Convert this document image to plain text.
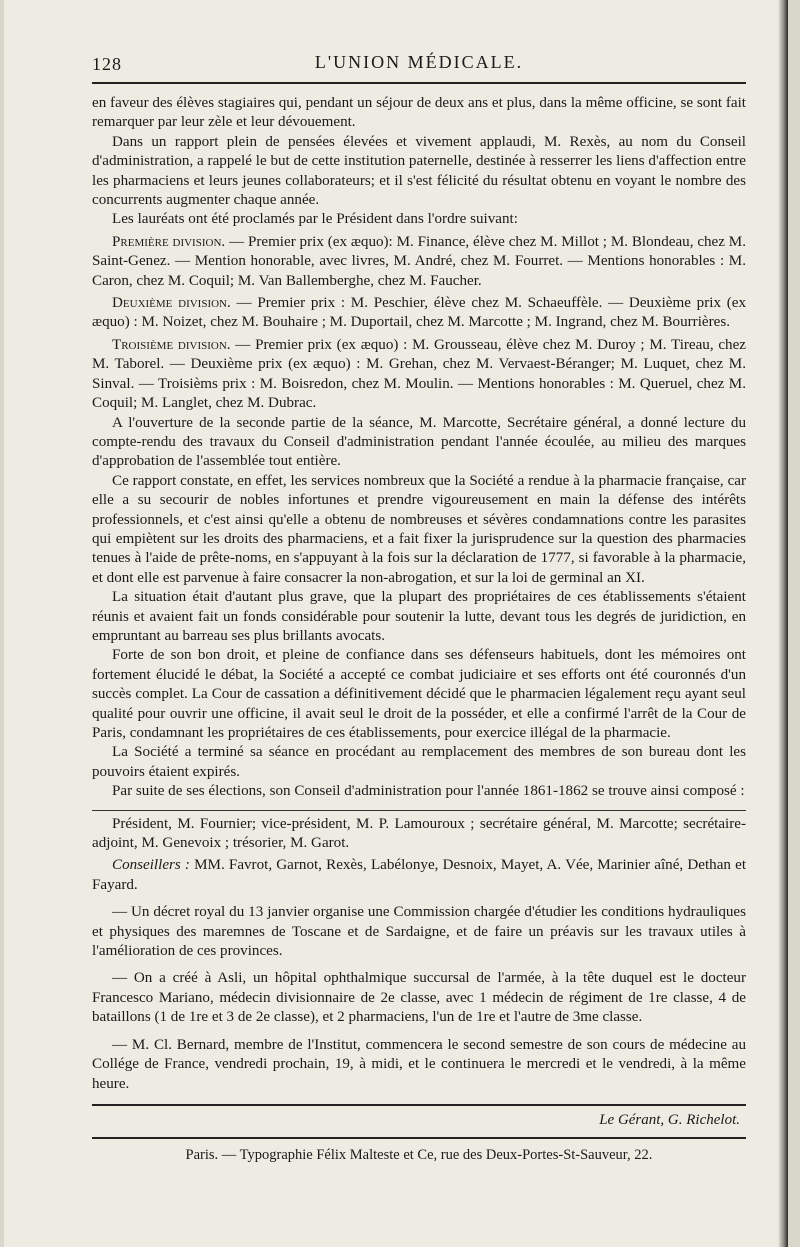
128	L'UNION MÉDICALE.

en faveur des élèves stagiaires qui, pendant un séjour de deux ans et plus, dans la même officine, se sont fait remarquer par leur zèle et leur dévouement.

Dans un rapport plein de pensées élevées et vivement applaudi, M. Rexès, au nom du Conseil d'administration, a rappelé le but de cette institution paternelle, destinée à resserrer les liens d'affection entre les pharmaciens et leurs jeunes collaborateurs; et il s'est félicité du résultat obtenu en voyant le nombre des concurrents augmenter chaque année.

Les lauréats ont été proclamés par le Président dans l'ordre suivant:

Première division. — Premier prix (ex æquo): M. Finance, élève chez M. Millot ; M. Blondeau, chez M. Saint-Genez. — Mention honorable, avec livres, M. André, chez M. Fourret. — Mentions honorables : M. Caron, chez M. Coquil; M. Van Ballemberghe, chez M. Faucher.

Deuxième division. — Premier prix : M. Peschier, élève chez M. Schaeuffèle. — Deuxième prix (ex æquo) : M. Noizet, chez M. Bouhaire ; M. Duportail, chez M. Marcotte ; M. Ingrand, chez M. Bourrières.

Troisième division. — Premier prix (ex æquo) : M. Grousseau, élève chez M. Duroy ; M. Tireau, chez M. Taborel. — Deuxième prix (ex æquo) : M. Grehan, chez M. Vervaest-Béranger; M. Luquet, chez M. Sinval. — Troisièms prix : M. Boisredon, chez M. Moulin. — Mentions honorables : M. Queruel, chez M. Coquil; M. Langlet, chez M. Dubrac.

A l'ouverture de la seconde partie de la séance, M. Marcotte, Secrétaire général, a donné lecture du compte-rendu des travaux du Conseil d'administration pendant l'année écoulée, au milieu des marques d'approbation de l'assemblée tout entière.

Ce rapport constate, en effet, les services nombreux que la Société a rendue à la pharmacie française, car elle a su secourir de nobles infortunes et prendre vigoureusement en main la défense des intérêts professionnels, et c'est ainsi qu'elle a obtenu de nombreuses et sévères condamnations contre les parasites qui empiètent sur les droits des pharmaciens, et a fait fixer la jurisprudence sur la question des pharmacies tenues à l'aide de prête-noms, en s'appuyant à la fois sur la déclaration de 1777, si favorable à la pharmacie, et dont elle est parvenue à faire consacrer la non-abrogation, et sur la loi de germinal an XI.

La situation était d'autant plus grave, que la plupart des propriétaires de ces établissements s'étaient réunis et avaient fait un fonds considérable pour soutenir la lutte, devant tous les degrés de juridiction, en empruntant au barreau ses plus brillants avocats.

Forte de son bon droit, et pleine de confiance dans ses défenseurs habituels, dont les mémoires ont fortement élucidé le débat, la Société a accepté ce combat judiciaire et ses efforts ont été couronnés d'un succès complet. La Cour de cassation a définitivement décidé que le pharmacien légalement reçu ayant seul qualité pour ouvrir une officine, il avait seul le droit de la posséder, et elle a confirmé l'arrêt de la Cour de Paris, condamnant les propriétaires de ces établissements, pour exercice illégal de la pharmacie.

La Société a terminé sa séance en procédant au remplacement des membres de son bureau dont les pouvoirs étaient expirés.

Par suite de ses élections, son Conseil d'administration pour l'année 1861-1862 se trouve ainsi composé :

Président, M. Fournier; vice-président, M. P. Lamouroux ; secrétaire général, M. Marcotte; secrétaire-adjoint, M. Genevoix ; trésorier, M. Garot.

Conseillers : MM. Favrot, Garnot, Rexès, Labélonye, Desnoix, Mayet, A. Vée, Marinier aîné, Dethan et Fayard.

— Un décret royal du 13 janvier organise une Commission chargée d'étudier les conditions hydrauliques et physiques des maremnes de Toscane et de Sardaigne, et de faire un préavis sur les travaux utiles à l'amélioration de ces provinces.

— On a créé à Asli, un hôpital ophthalmique succursal de l'armée, à la tête duquel est le docteur Francesco Mariano, médecin divisionnaire de 2e classe, avec 1 médecin de régiment de 1re classe, 4 de bataillons (1 de 1re et 3 de 2e classe), et 2 pharmaciens, l'un de 1re et l'autre de 3me classe.

— M. Cl. Bernard, membre de l'Institut, commencera le second semestre de son cours de médecine au Collége de France, vendredi prochain, 19, à midi, et le continuera le mercredi et le vendredi, à la même heure.

Le Gérant, G. Richelot.
Paris. — Typographie Félix Malteste et Ce, rue des Deux-Portes-St-Sauveur, 22.
